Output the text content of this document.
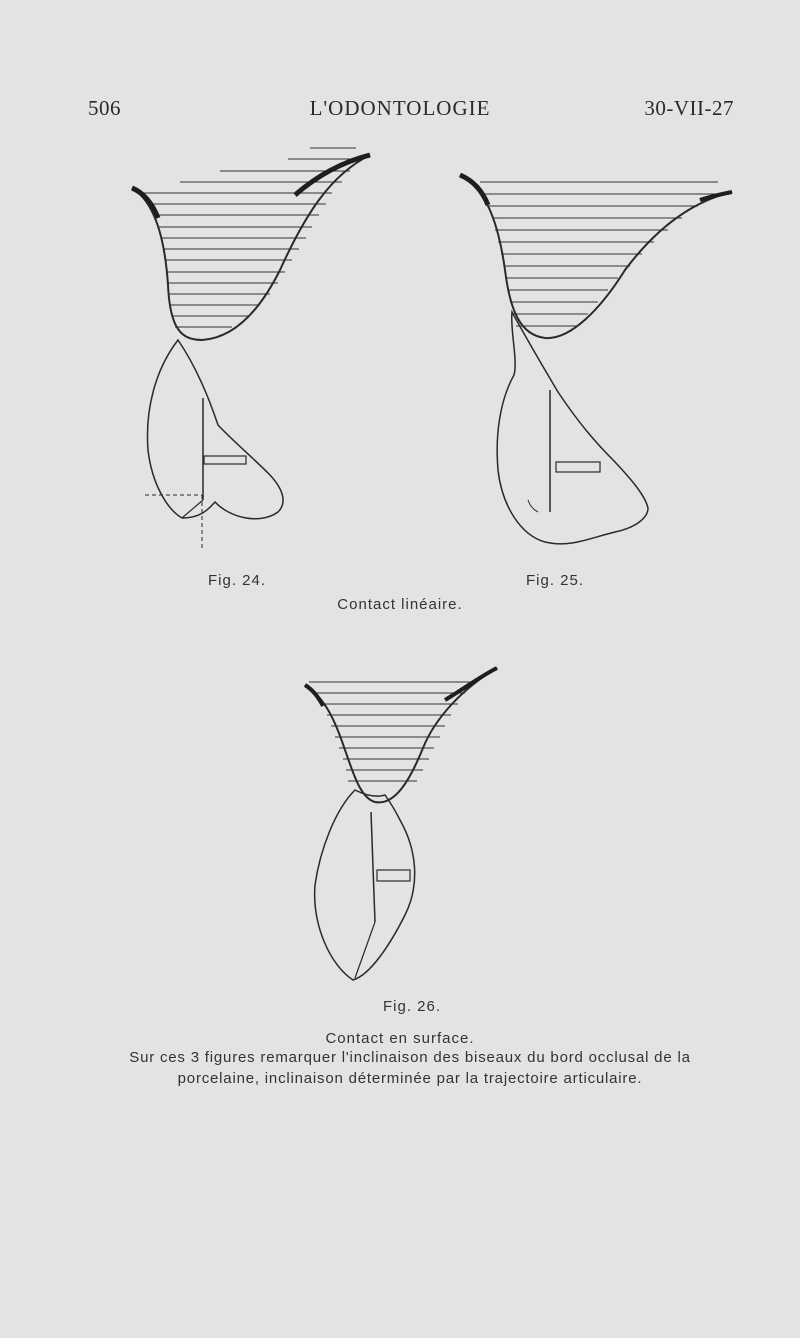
506	L'ODONTOLOGIE	30-VII-27
Fig. 24.	Fig. 25.
Contact linéaire.
Fig. 26.
Contact en surface.
Sur ces 3 figures remarquer l'inclinaison des biseaux du bord occlusal de la
porcelaine, inclinaison déterminée par la trajectoire articulaire.
